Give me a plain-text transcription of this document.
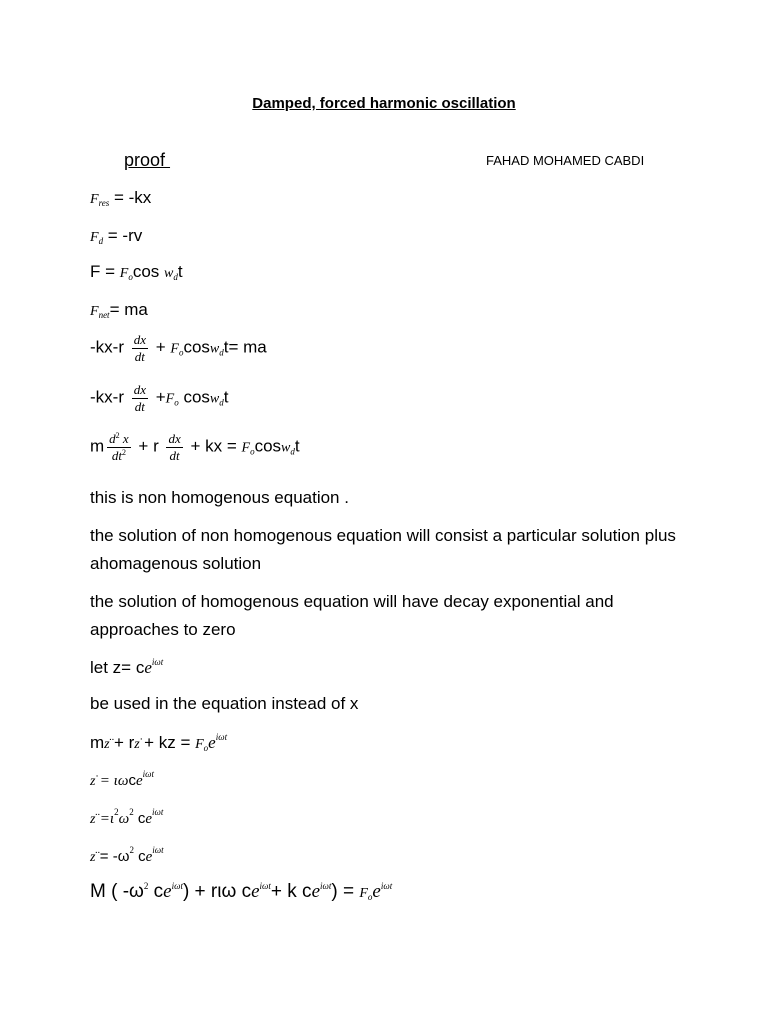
Damped, forced harmonic oscillation
proof	FAHAD MOHAMED CABDI
$F_{res} = -kx$
$F_d = -rv$
$F = F_o\cos$ $w_dt$
$F_{net}=$ ma
$-kx-r \frac{dx}{dt} + F_o\cos w_dt=$ ma
$-kx-r \frac{dx}{dt} +F_o$ cosw$_d$t
m $\frac{d^2 x}{dt^2} + r \frac{dx}{dt}$ + kx = $F_o\cos w_dt$
this is non homogenous equation .
the solution of non homogenous equation will consist a particular solution plus ahomagenous solution
the solution of homogenous equation will have decay exponential and approaches to zero
let $z= ce^{i\omega t}$
be used in the equation instead of x
mz¨+ rz˙+ kz = $F_oe^{i\omega t}$
z˙= ιωce$^{i\omega t}$
$z¨=\iota^2\omega^2$ $ce^{i\omega t}$
z¨= $-\omega^2$ $ce^{i\omega t}$
M ( $-\omega^2$ $ce^{i\omega t}) + r\iota\omega$ $ce^{i\omega t}+ k$ $ce^{i\omega t}) = F_oe^{i\omega t}$
